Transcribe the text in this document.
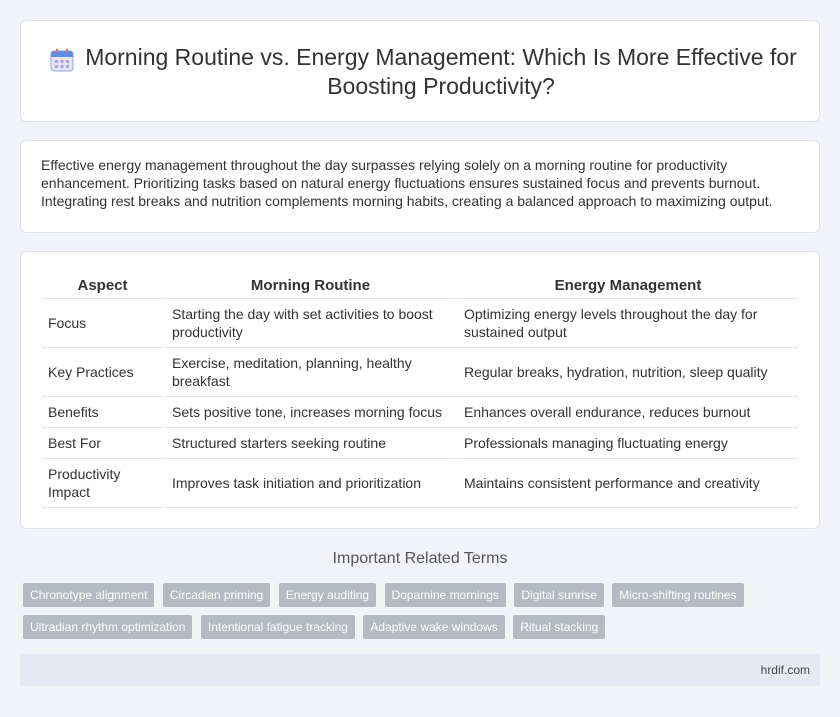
Morning Routine vs. Energy Management: Which Is More Effective for Boosting Productivity?

Effective energy management throughout the day surpasses relying solely on a morning routine for productivity enhancement. Prioritizing tasks based on natural energy fluctuations ensures sustained focus and prevents burnout. Integrating rest breaks and nutrition complements morning habits, creating a balanced approach to maximizing output.

Aspect	Morning Routine	Energy Management
Focus	Starting the day with set activities to boost productivity	Optimizing energy levels throughout the day for sustained output
Key Practices	Exercise, meditation, planning, healthy breakfast	Regular breaks, hydration, nutrition, sleep quality
Benefits	Sets positive tone, increases morning focus	Enhances overall endurance, reduces burnout
Best For	Structured starters seeking routine	Professionals managing fluctuating energy
Productivity Impact	Improves task initiation and prioritization	Maintains consistent performance and creativity
Important Related Terms
Chronotype alignment Circadian priming Energy auditing Dopamine mornings Digital sunrise Micro-shifting routines Ultradian rhythm optimization Intentional fatigue tracking Adaptive wake windows Ritual stacking
hrdif.com
